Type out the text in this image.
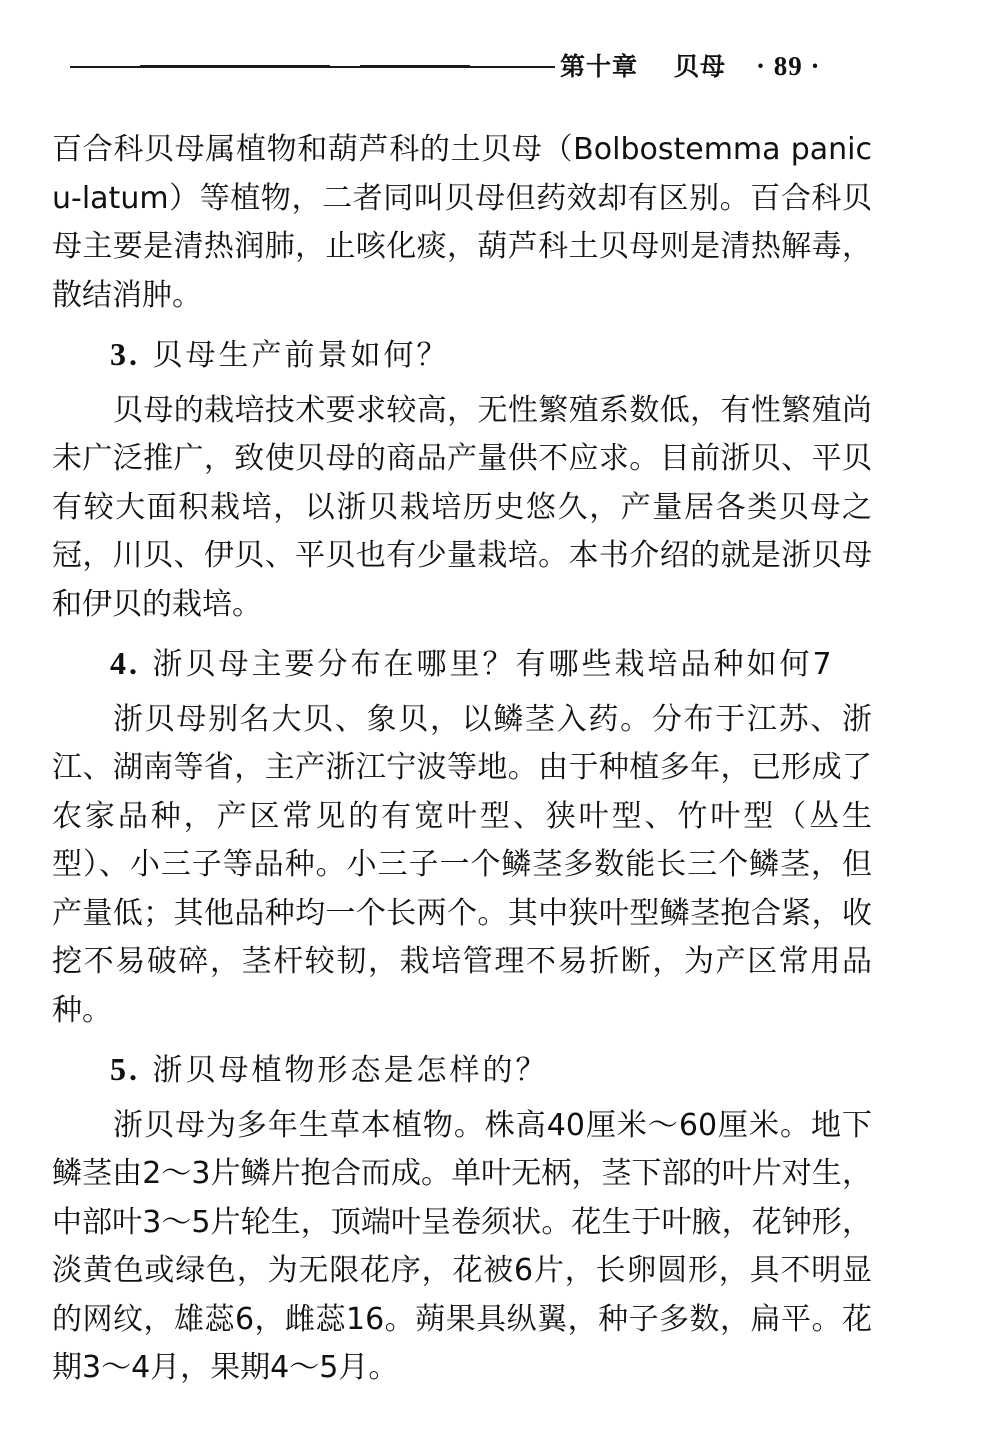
第十章 贝母 · 89 ·

百合科贝母属植物和葫芦科的土贝母（Bolbostemma panicu-latum）等植物，二者同叫贝母但药效却有区别。百合科贝母主要是清热润肺，止咳化痰，葫芦科土贝母则是清热解毒，散结消肿。

3. 贝母生产前景如何？

贝母的栽培技术要求较高，无性繁殖系数低，有性繁殖尚未广泛推广，致使贝母的商品产量供不应求。目前浙贝、平贝有较大面积栽培，以浙贝栽培历史悠久，产量居各类贝母之冠，川贝、伊贝、平贝也有少量栽培。本书介绍的就是浙贝母和伊贝的栽培。

4. 浙贝母主要分布在哪里？有哪些栽培品种如何7

浙贝母别名大贝、象贝，以鳞茎入药。分布于江苏、浙江、湖南等省，主产浙江宁波等地。由于种植多年，已形成了农家品种，产区常见的有宽叶型、狭叶型、竹叶型（丛生型）、小三子等品种。小三子一个鳞茎多数能长三个鳞茎，但产量低；其他品种均一个长两个。其中狭叶型鳞茎抱合紧，收挖不易破碎，茎杆较韧，栽培管理不易折断，为产区常用品种。

5. 浙贝母植物形态是怎样的？

浙贝母为多年生草本植物。株高40厘米～60厘米。地下鳞茎由2～3片鳞片抱合而成。单叶无柄，茎下部的叶片对生，中部叶3～5片轮生，顶端叶呈卷须状。花生于叶腋，花钟形，淡黄色或绿色，为无限花序，花被6片，长卵圆形，具不明显的网纹，雄蕊6，雌蕊16。蒴果具纵翼，种子多数，扁平。花期3～4月，果期4～5月。
